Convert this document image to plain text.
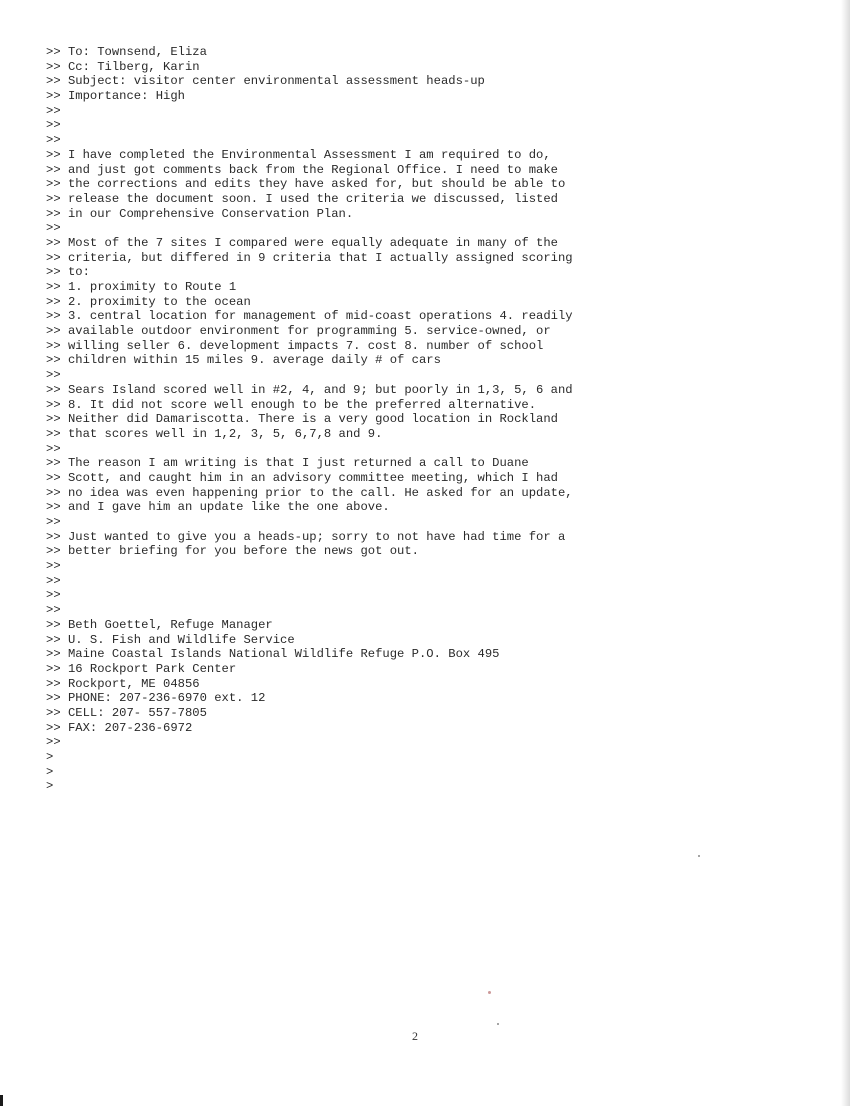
>> To: Townsend, Eliza
>> Cc: Tilberg, Karin
>> Subject: visitor center environmental assessment heads-up
>> Importance: High
>>
>>
>>
>> I have completed the Environmental Assessment I am required to do,
>> and just got comments back from the Regional Office. I need to make
>> the corrections and edits they have asked for, but should be able to
>> release the document soon. I used the criteria we discussed, listed
>> in our Comprehensive Conservation Plan.
>>
>> Most of the 7 sites I compared were equally adequate in many of the
>> criteria, but differed in 9 criteria that I actually assigned scoring
>> to:
>> 1. proximity to Route 1
>> 2. proximity to the ocean
>> 3. central location for management of mid-coast operations 4. readily
>> available outdoor environment for programming 5. service-owned, or
>> willing seller 6. development impacts 7. cost 8. number of school
>> children within 15 miles 9. average daily # of cars
>>
>> Sears Island scored well in #2, 4, and 9; but poorly in 1,3, 5, 6 and
>> 8. It did not score well enough to be the preferred alternative.
>> Neither did Damariscotta. There is a very good location in Rockland
>> that scores well in 1,2, 3, 5, 6,7,8 and 9.
>>
>> The reason I am writing is that I just returned a call to Duane
>> Scott, and caught him in an advisory committee meeting, which I had
>> no idea was even happening prior to the call. He asked for an update,
>> and I gave him an update like the one above.
>>
>> Just wanted to give you a heads-up; sorry to not have had time for a
>> better briefing for you before the news got out.
>>
>>
>>
>>
>> Beth Goettel, Refuge Manager
>> U. S. Fish and Wildlife Service
>> Maine Coastal Islands National Wildlife Refuge P.O. Box 495
>> 16 Rockport Park Center
>> Rockport, ME 04856
>> PHONE: 207-236-6970 ext. 12
>> CELL: 207- 557-7805
>> FAX: 207-236-6972
>>
>
>
>
2
